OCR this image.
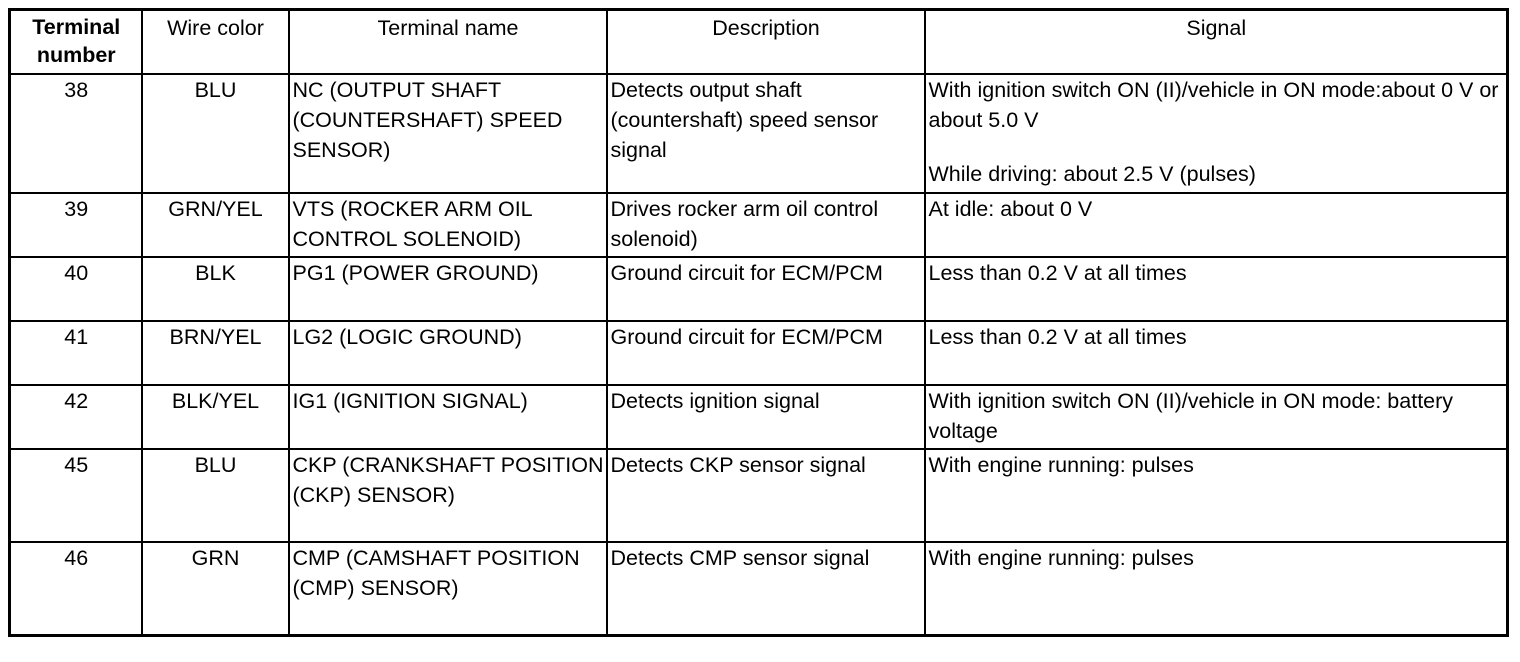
Terminal
number	Wire color	Terminal name	Description	Signal
38	BLU	NC (OUTPUT SHAFT (COUNTERSHAFT) SPEED SENSOR)	Detects output shaft (countershaft) speed sensor signal	With ignition switch ON (II)/vehicle in ON mode:about 0 V or about 5.0 V
While driving: about 2.5 V (pulses)

39	GRN/YEL	VTS (ROCKER ARM OIL CONTROL SOLENOID)	Drives rocker arm oil control solenoid)	At idle: about 0 V

40	BLK	PG1 (POWER GROUND)	Ground circuit for ECM/PCM	Less than 0.2 V at all times

41	BRN/YEL	LG2 (LOGIC GROUND)	Ground circuit for ECM/PCM	Less than 0.2 V at all times

42	BLK/YEL	IG1 (IGNITION SIGNAL)	Detects ignition signal	With ignition switch ON (II)/vehicle in ON mode: battery voltage

45	BLU	CKP (CRANKSHAFT POSITION (CKP) SENSOR)	Detects CKP sensor signal	With engine running: pulses

46	GRN	CMP (CAMSHAFT POSITION (CMP) SENSOR)	Detects CMP sensor signal	With engine running: pulses
